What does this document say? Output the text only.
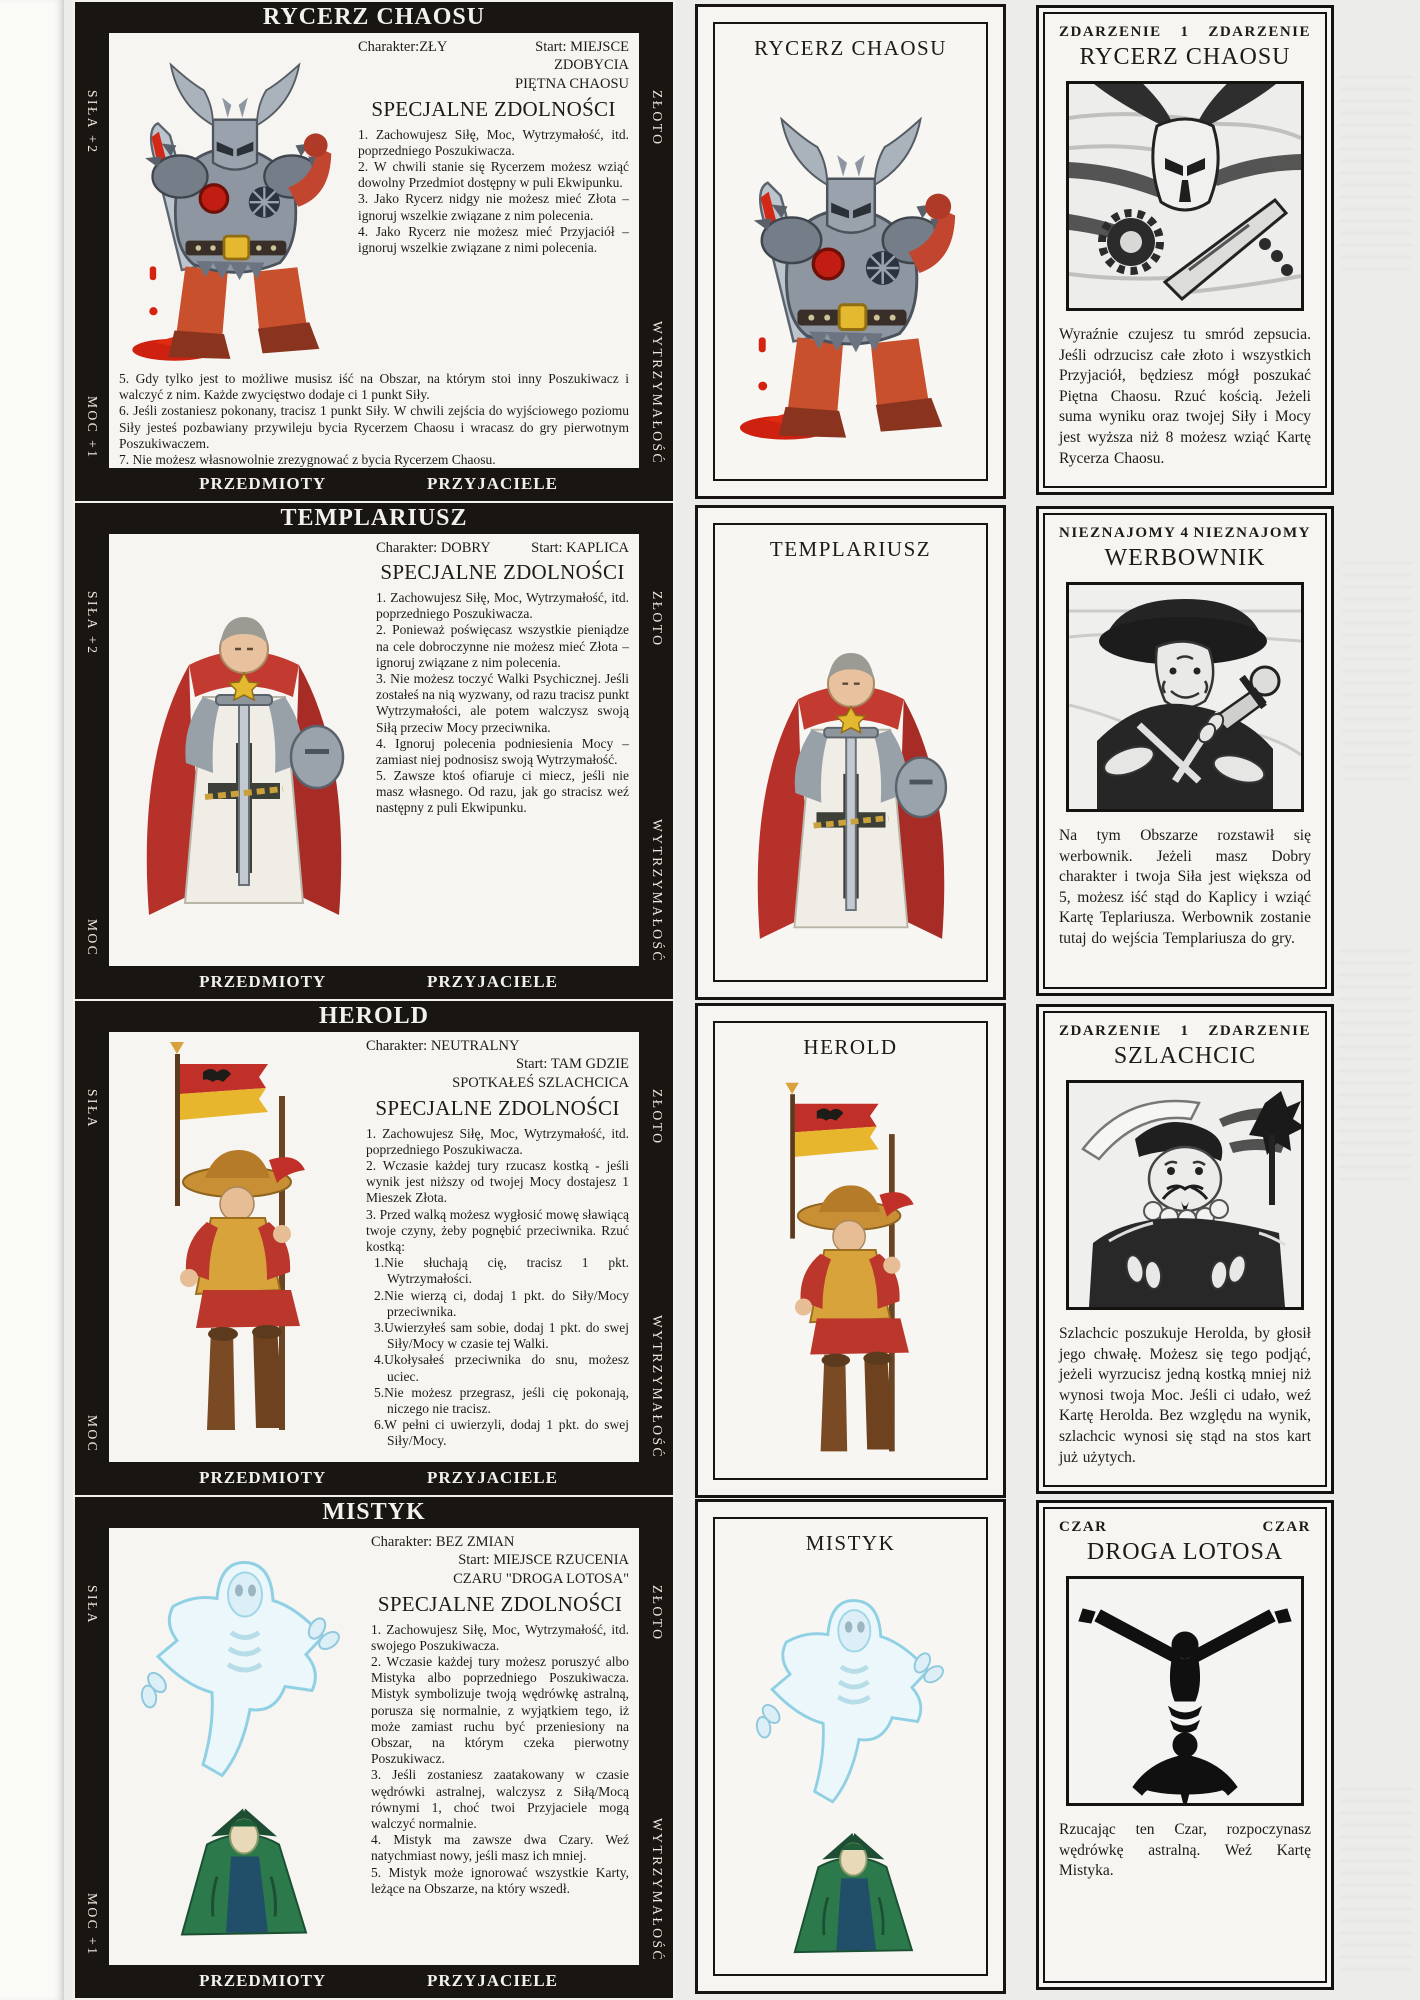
RYCERZ CHAOSU
SIŁA +2
MOC +1
ZŁOTO
WYTRZYMAŁOŚĆ
Charakter:ZŁY	Start: MIEJSCE
ZDOBYCIA
PIĘTNA CHAOSU
SPECJALNE ZDOLNOŚCI

1. Zachowujesz Siłę, Moc, Wytrzymałość, itd. poprzedniego Poszukiwacza.

2. W chwili stanie się Rycerzem możesz wziąć dowolny Przedmiot dostępny w puli Ekwipunku.

3. Jako Rycerz nidgy nie możesz mieć Złota – ignoruj wszelkie związane z nim polecenia.

4. Jako Rycerz nie możesz mieć Przyjaciół – ignoruj wszelkie związane z nimi polecenia.

5. Gdy tylko jest to możliwe musisz iść na Obszar, na którym stoi inny Poszukiwacz i walczyć z nim. Każde zwycięstwo dodaje ci 1 punkt Siły.

6. Jeśli zostaniesz pokonany, tracisz 1 punkt Siły. W chwili zejścia do wyjściowego poziomu Siły jesteś pozbawiany przywileju bycia Rycerzem Chaosu i wracasz do gry pierwotnym Poszukiwaczem.

7. Nie możesz własnowolnie zrezygnować z bycia Rycerzem Chaosu.

PRZEDMIOTY	PRZYJACIELE
RYCERZ CHAOSU
ZDARZENIE	1	ZDARZENIE
RYCERZ CHAOSU

Wyraźnie czujesz tu smród zepsucia. Jeśli odrzucisz całe złoto i wszystkich Przyjaciół, będziesz mógł poszukać Piętna Chaosu. Rzuć kością. Jeżeli suma wyniku oraz twojej Siły i Mocy jest wyższa niż 8 możesz wziąć Kartę Rycerza Chaosu.

TEMPLARIUSZ
SIŁA +2
MOC
ZŁOTO
WYTRZYMAŁOŚĆ
Charakter: DOBRY	Start: KAPLICA
SPECJALNE ZDOLNOŚCI

1. Zachowujesz Siłę, Moc, Wytrzymałość, itd. poprzedniego Poszukiwacza.

2. Ponieważ poświęcasz wszystkie pieniądze na cele dobroczynne nie możesz mieć Złota – ignoruj związane z nim polecenia.

3. Nie możesz toczyć Walki Psychicznej. Jeśli zostałeś na nią wyzwany, od razu tracisz punkt Wytrzymałości, ale potem walczysz swoją Siłą przeciw Mocy przeciwnika.

4. Ignoruj polecenia podniesienia Mocy – zamiast niej podnosisz swoją Wytrzymałość.

5. Zawsze ktoś ofiaruje ci miecz, jeśli nie masz własnego. Od razu, jak go stracisz weź następny z puli Ekwipunku.

PRZEDMIOTY	PRZYJACIELE
TEMPLARIUSZ
NIEZNAJOMY 4 NIEZNAJOMY
WERBOWNIK

Na tym Obszarze rozstawił się werbownik. Jeżeli masz Dobry charakter i twoja Siła jest większa od 5, możesz iść stąd do Kaplicy i wziąć Kartę Teplariusza. Werbownik zostanie tutaj do wejścia Templariusza do gry.

HEROLD
SIŁA
MOC
ZŁOTO
WYTRZYMAŁOŚĆ
Charakter: NEUTRALNY
Start: TAM GDZIE
SPOTKAŁEŚ SZLACHCICA
SPECJALNE ZDOLNOŚCI

1. Zachowujesz Siłę, Moc, Wytrzymałość, itd. poprzedniego Poszukiwacza.

2. Wczasie każdej tury rzucasz kostką - jeśli wynik jest niższy od twojej Mocy dostajesz 1 Mieszek Złota.

3. Przed walką możesz wygłosić mowę sławiącą twoje czyny, żeby pognębić przeciwnika. Rzuć kostką:

1.Nie słuchają cię, tracisz 1 pkt. Wytrzymałości.

2.Nie wierzą ci, dodaj 1 pkt. do Siły/Mocy przeciwnika.

3.Uwierzyłeś sam sobie, dodaj 1 pkt. do swej Siły/Mocy w czasie tej Walki.

4.Ukołysałeś przeciwnika do snu, możesz uciec.

5.Nie możesz przegrasz, jeśli cię pokonają, niczego nie tracisz.

6.W pełni ci uwierzyli, dodaj 1 pkt. do swej Siły/Mocy.

PRZEDMIOTY	PRZYJACIELE
HEROLD
ZDARZENIE	1	ZDARZENIE
SZLACHCIC

Szlachcic poszukuje Herolda, by głosił jego chwałę. Możesz się tego podjąć, jeżeli wyrzucisz jedną kostką mniej niż wynosi twoja Moc. Jeśli ci udało, weź Kartę Herolda. Bez względu na wynik, szlachcic wynosi się stąd na stos kart już użytych.

MISTYK
SIŁA
MOC +1
ZŁOTO
WYTRZYMAŁOŚĆ
Charakter: BEZ ZMIAN
Start: MIEJSCE RZUCENIA
CZARU "DROGA LOTOSA"
SPECJALNE ZDOLNOŚCI

1. Zachowujesz Siłę, Moc, Wytrzymałość, itd. swojego Poszukiwacza.

2. Wczasie każdej tury możesz poruszyć albo Mistyka albo poprzedniego Poszukiwacza. Mistyk symbolizuje twoją wędrówkę astralną, porusza się normalnie, z wyjątkiem tego, iż może zamiast ruchu być przeniesiony na Obszar, na którym czeka pierwotny Poszukiwacz.

3. Jeśli zostaniesz zaatakowany w czasie wędrówki astralnej, walczysz z Siłą/Mocą równymi 1, choć twoi Przyjaciele mogą walczyć normalnie.

4. Mistyk ma zawsze dwa Czary. Weź natychmiast nowy, jeśli masz ich mniej.

5. Mistyk może ignorować wszystkie Karty, leżące na Obszarze, na który wszedł.

PRZEDMIOTY	PRZYJACIELE
MISTYK
CZAR	CZAR
DROGA LOTOSA

Rzucając ten Czar, rozpoczynasz wędrówkę astralną. Weź Kartę Mistyka.
